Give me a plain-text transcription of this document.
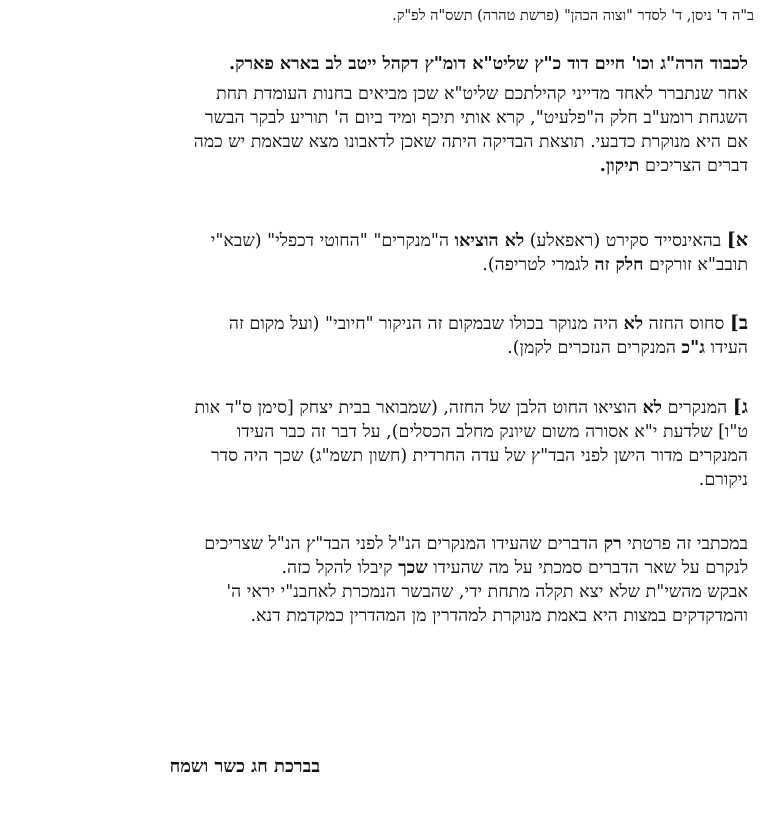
ב"ה ד' ניסן, ד' לסדר "וצוה הכהן" (פרשת טהרה) תשס"ה לפ"ק.
לכבוד הרה"ג וכו' חיים דוד כ"ץ שליט"א דומ"ץ דקהל ייטב לב בארא פארק.
אחר שנתברר לאחד מדייני קהילתכם שליט"א שכן מביאים בחנות העומדת תחת
השגחת רומע"ב חלק ה"פלעיט", קרא אותי תיכף ומיד ביום ה' תוריע לבקר הבשר
אם היא מנוקרת כדבעי. תוצאת הבדיקה היתה שאכן לדאבונו מצא שבאמת יש כמה
דברים הצריכים תיקון.
א] בהאינסייד סקירט (ראפאלע) לא הוציאו ה"מנקרים" "החוטי דכפלי" (שבא"י
תובב"א זורקים חלק זה לגמרי לטריפה).
ב] סחוס החזה לא היה מנוקר בכולו שבמקום זה הניקור "חיובי" (ועל מקום זה
העידו ג"כ המנקרים הנזכרים לקמן).
ג] המנקרים לא הוציאו החוט הלבן של החזה, (שמבואר בבית יצחק [סימן ס"ד אות
ט"ו] שלדעת י"א אסורה משום שיונק מחלב הכסלים), על דבר זה כבר העידו
המנקרים מדור הישן לפני הבד"ץ של עדה החרדית (חשון תשמ"ג) שכך היה סדר
ניקורם.
במכתבי זה פרטתי רק הדברים שהעידו המנקרים הנ"ל לפני הבד"ץ הנ"ל שצריכים
לנקרם על שאר הדברים סמכתי על מה שהעידו שכך קיבלו להקל כזה.
אבקש מהשי"ת שלא יצא תקלה מתחת ידי, שהבשר הנמכרת לאחבנ"י יראי ה'
והמדקדקים במצות היא באמת מנוקרת למהדרין מן המהדרין כמקדמת דנא.
בברכת חג כשר ושמח
